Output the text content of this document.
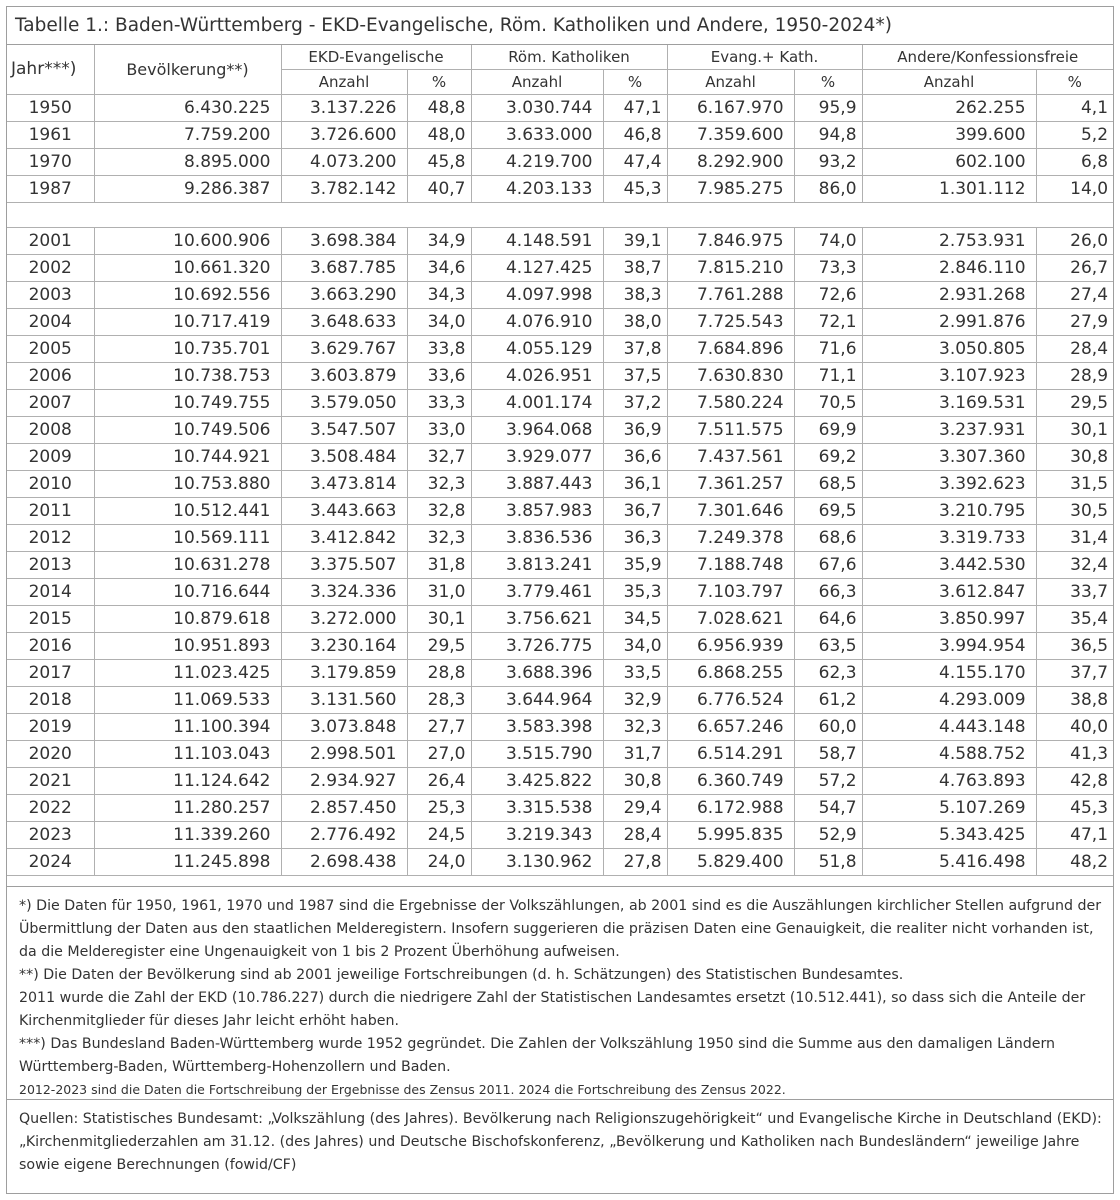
Tabelle 1.: Baden-Württemberg - EKD-Evangelische, Röm. Katholiken und Andere, 1950-2024*)
Jahr***)	Bevölkerung**)	EKD-Evangelische		Röm. Katholiken		Evang.+ Kath.		Andere/Konfessionsfreie	
		Anzahl	%	Anzahl	%	Anzahl	%	Anzahl	%
1950	6.430.225	3.137.226	48,8	3.030.744	47,1	6.167.970	95,9	262.255	4,1
1961	7.759.200	3.726.600	48,0	3.633.000	46,8	7.359.600	94,8	399.600	5,2
1970	8.895.000	4.073.200	45,8	4.219.700	47,4	8.292.900	93,2	602.100	6,8
1987	9.286.387	3.782.142	40,7	4.203.133	45,3	7.985.275	86,0	1.301.112	14,0

2001	10.600.906	3.698.384	34,9	4.148.591	39,1	7.846.975	74,0	2.753.931	26,0
2002	10.661.320	3.687.785	34,6	4.127.425	38,7	7.815.210	73,3	2.846.110	26,7
2003	10.692.556	3.663.290	34,3	4.097.998	38,3	7.761.288	72,6	2.931.268	27,4
2004	10.717.419	3.648.633	34,0	4.076.910	38,0	7.725.543	72,1	2.991.876	27,9
2005	10.735.701	3.629.767	33,8	4.055.129	37,8	7.684.896	71,6	3.050.805	28,4
2006	10.738.753	3.603.879	33,6	4.026.951	37,5	7.630.830	71,1	3.107.923	28,9
2007	10.749.755	3.579.050	33,3	4.001.174	37,2	7.580.224	70,5	3.169.531	29,5
2008	10.749.506	3.547.507	33,0	3.964.068	36,9	7.511.575	69,9	3.237.931	30,1
2009	10.744.921	3.508.484	32,7	3.929.077	36,6	7.437.561	69,2	3.307.360	30,8
2010	10.753.880	3.473.814	32,3	3.887.443	36,1	7.361.257	68,5	3.392.623	31,5
2011	10.512.441	3.443.663	32,8	3.857.983	36,7	7.301.646	69,5	3.210.795	30,5
2012	10.569.111	3.412.842	32,3	3.836.536	36,3	7.249.378	68,6	3.319.733	31,4
2013	10.631.278	3.375.507	31,8	3.813.241	35,9	7.188.748	67,6	3.442.530	32,4
2014	10.716.644	3.324.336	31,0	3.779.461	35,3	7.103.797	66,3	3.612.847	33,7
2015	10.879.618	3.272.000	30,1	3.756.621	34,5	7.028.621	64,6	3.850.997	35,4
2016	10.951.893	3.230.164	29,5	3.726.775	34,0	6.956.939	63,5	3.994.954	36,5
2017	11.023.425	3.179.859	28,8	3.688.396	33,5	6.868.255	62,3	4.155.170	37,7
2018	11.069.533	3.131.560	28,3	3.644.964	32,9	6.776.524	61,2	4.293.009	38,8
2019	11.100.394	3.073.848	27,7	3.583.398	32,3	6.657.246	60,0	4.443.148	40,0
2020	11.103.043	2.998.501	27,0	3.515.790	31,7	6.514.291	58,7	4.588.752	41,3
2021	11.124.642	2.934.927	26,4	3.425.822	30,8	6.360.749	57,2	4.763.893	42,8
2022	11.280.257	2.857.450	25,3	3.315.538	29,4	6.172.988	54,7	5.107.269	45,3
2023	11.339.260	2.776.492	24,5	3.219.343	28,4	5.995.835	52,9	5.343.425	47,1
2024	11.245.898	2.698.438	24,0	3.130.962	27,8	5.829.400	51,8	5.416.498	48,2

*) Die Daten für 1950, 1961, 1970 und 1987 sind die Ergebnisse der Volkszählungen, ab 2001 sind es die Auszählungen kirchlicher Stellen aufgrund der Übermittlung der Daten aus den staatlichen Melderegistern. Insofern suggerieren die präzisen Daten eine Genauigkeit, die realiter nicht vorhanden ist, da die Melderegister eine Ungenauigkeit von 1 bis 2 Prozent Überhöhung aufweisen.

**) Die Daten der Bevölkerung sind ab 2001 jeweilige Fortschreibungen (d. h. Schätzungen) des Statistischen Bundesamtes.

2011 wurde die Zahl der EKD (10.786.227) durch die niedrigere Zahl der Statistischen Landesamtes ersetzt (10.512.441), so dass sich die Anteile der Kirchenmitglieder für dieses Jahr leicht erhöht haben.

***) Das Bundesland Baden-Württemberg wurde 1952 gegründet. Die Zahlen der Volkszählung 1950 sind die Summe aus den damaligen Ländern Württemberg-Baden, Württemberg-Hohenzollern und Baden.

2012-2023 sind die Daten die Fortschreibung der Ergebnisse des Zensus 2011. 2024 die Fortschreibung des Zensus 2022.

Quellen: Statistisches Bundesamt: „Volkszählung (des Jahres). Bevölkerung nach Religionszugehörigkeit“ und Evangelische Kirche in Deutschland (EKD): „Kirchenmitgliederzahlen am 31.12. (des Jahres) und Deutsche Bischofskonferenz, „Bevölkerung und Katholiken nach Bundesländern“ jeweilige Jahre sowie eigene Berechnungen (fowid/CF)
